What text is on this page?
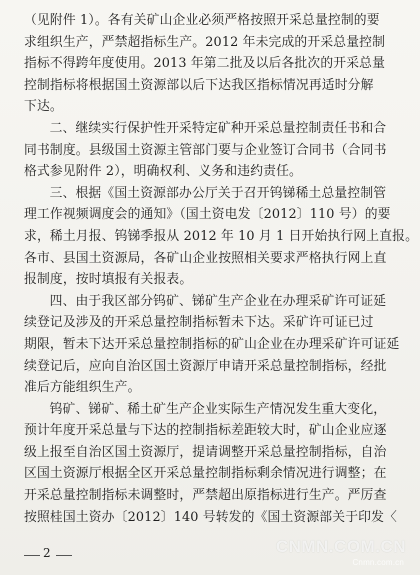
（见附件 1）。各有关矿山企业必须严格按照开采总量控制的要
求组织生产，严禁超指标生产。2012 年未完成的开采总量控制
指标不得跨年度使用。2013 年第二批及以后各批次的开采总量
控制指标将根据国土资源部以后下达我区指标情况再适时分解
下达。
二、继续实行保护性开采特定矿种开采总量控制责任书和合
同书制度。县级国土资源主管部门要与企业签订合同书（合同书
格式参见附件 2），明确权利、义务和违约责任。
三、根据《国土资源部办公厅关于召开钨锑稀土总量控制管
理工作视频调度会的通知》（国土资电发〔2012〕110 号）的要
求，稀土月报、钨锑季报从 2012 年 10 月 1 日开始执行网上直报。
各市、县国土资源局，各矿山企业按照相关要求严格执行网上直
报制度，按时填报有关报表。
四、由于我区部分钨矿、锑矿生产企业在办理采矿许可证延
续登记及涉及的开采总量控制指标暂未下达。采矿许可证已过
期限，暂未下达开采总量控制指标的矿山企业在办理采矿许可证延
续登记后，应向自治区国土资源厅申请开采总量控制指标，经批
准后方能组织生产。
钨矿、锑矿、稀土矿生产企业实际生产情况发生重大变化，
预计年度开采总量与下达的控制指标差距较大时，矿山企业应逐
级上报至自治区国土资源厅，提请调整开采总量控制指标，自治
区国土资源厅根据全区开采总量控制指标剩余情况进行调整；在
开采总量控制指标未调整时，严禁超出原指标进行生产。严厉查
按照桂国土资办〔2012〕140 号转发的《国土资源部关于印发〈
2	CNMN.COM.CN
Cnmn.com.cn
